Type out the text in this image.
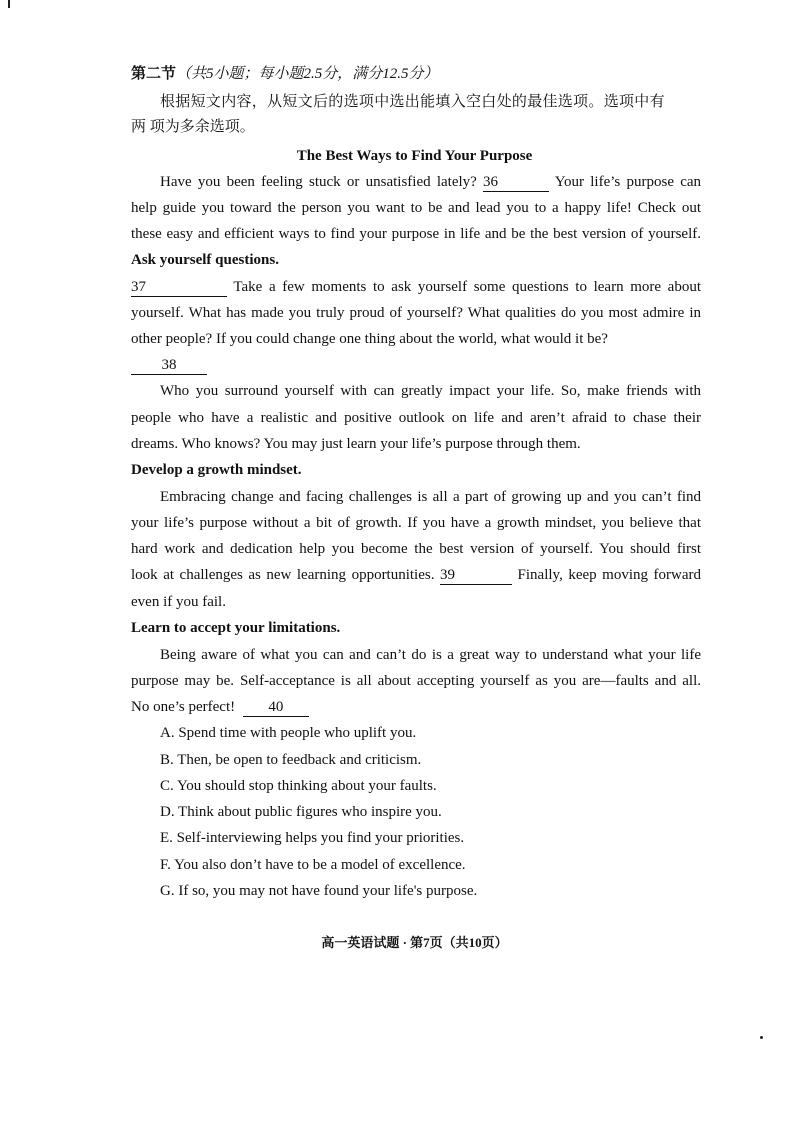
第二节（共5小题；每小题2.5分，满分12.5分）
根据短文内容，从短文后的选项中选出能填入空白处的最佳选项。选项中有
两 项为多余选项。
The Best Ways to Find Your Purpose
Have you been feeling stuck or unsatisfied lately? 36	Your life’s purpose can
help guide you toward the person you want to be and lead you to a happy life! Check out
these easy and efficient ways to find your purpose in life and be the best version of yourself.
Ask yourself questions.
37	Take a few moments to ask yourself some questions to learn more about
yourself. What has made you truly proud of yourself? What qualities do you most admire in
other people? If you could change one thing about the world, what would it be?
38
Who you surround yourself with can greatly impact your life. So, make friends with
people who have a realistic and positive outlook on life and aren’t afraid to chase their
dreams. Who knows? You may just learn your life’s purpose through them.
Develop a growth mindset.
Embracing change and facing challenges is all a part of growing up and you can’t find
your life’s purpose without a bit of growth. If you have a growth mindset, you believe that
hard work and dedication help you become the best version of yourself. You should first
look at challenges as new learning opportunities. 39	Finally, keep moving forward
even if you fail.
Learn to accept your limitations.
Being aware of what you can and can’t do is a great way to understand what your life
purpose may be. Self-acceptance is all about accepting yourself as you are—faults and all.
No one’s perfect! 40
A. Spend time with people who uplift you.
B. Then, be open to feedback and criticism.
C. You should stop thinking about your faults.
D. Think about public figures who inspire you.
E. Self-interviewing helps you find your priorities.
F. You also don’t have to be a model of excellence.
G. If so, you may not have found your life's purpose.
高一英语试题 · 第7页（共10页）
